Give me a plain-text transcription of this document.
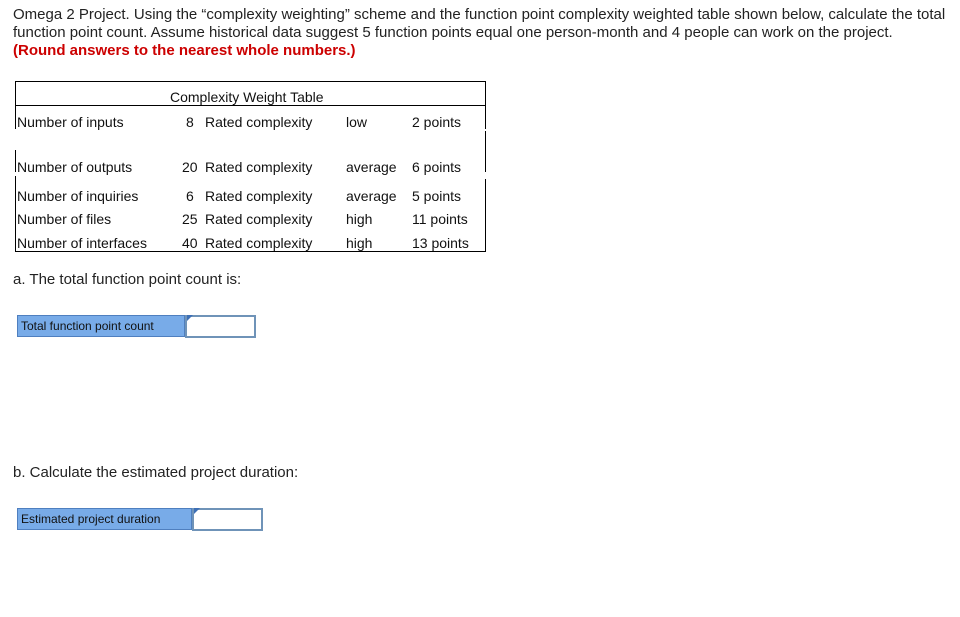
Omega 2 Project. Using the “complexity weighting” scheme and the function point complexity weighted table shown below, calculate the total function point count. Assume historical data suggest 5 function points equal one person-month and 4 people can work on the project. (Round answers to the nearest whole numbers.)
Complexity Weight Table
Number of inputs	8 Rated complexity low	2 points
Number of outputs	20 Rated complexity average 6 points
Number of inquiries	6 Rated complexity average 5 points
Number of files	25 Rated complexity high	11 points
Number of interfaces	40 Rated complexity high	13 points
a. The total function point count is:
Total function point count
b. Calculate the estimated project duration:
Estimated project duration
